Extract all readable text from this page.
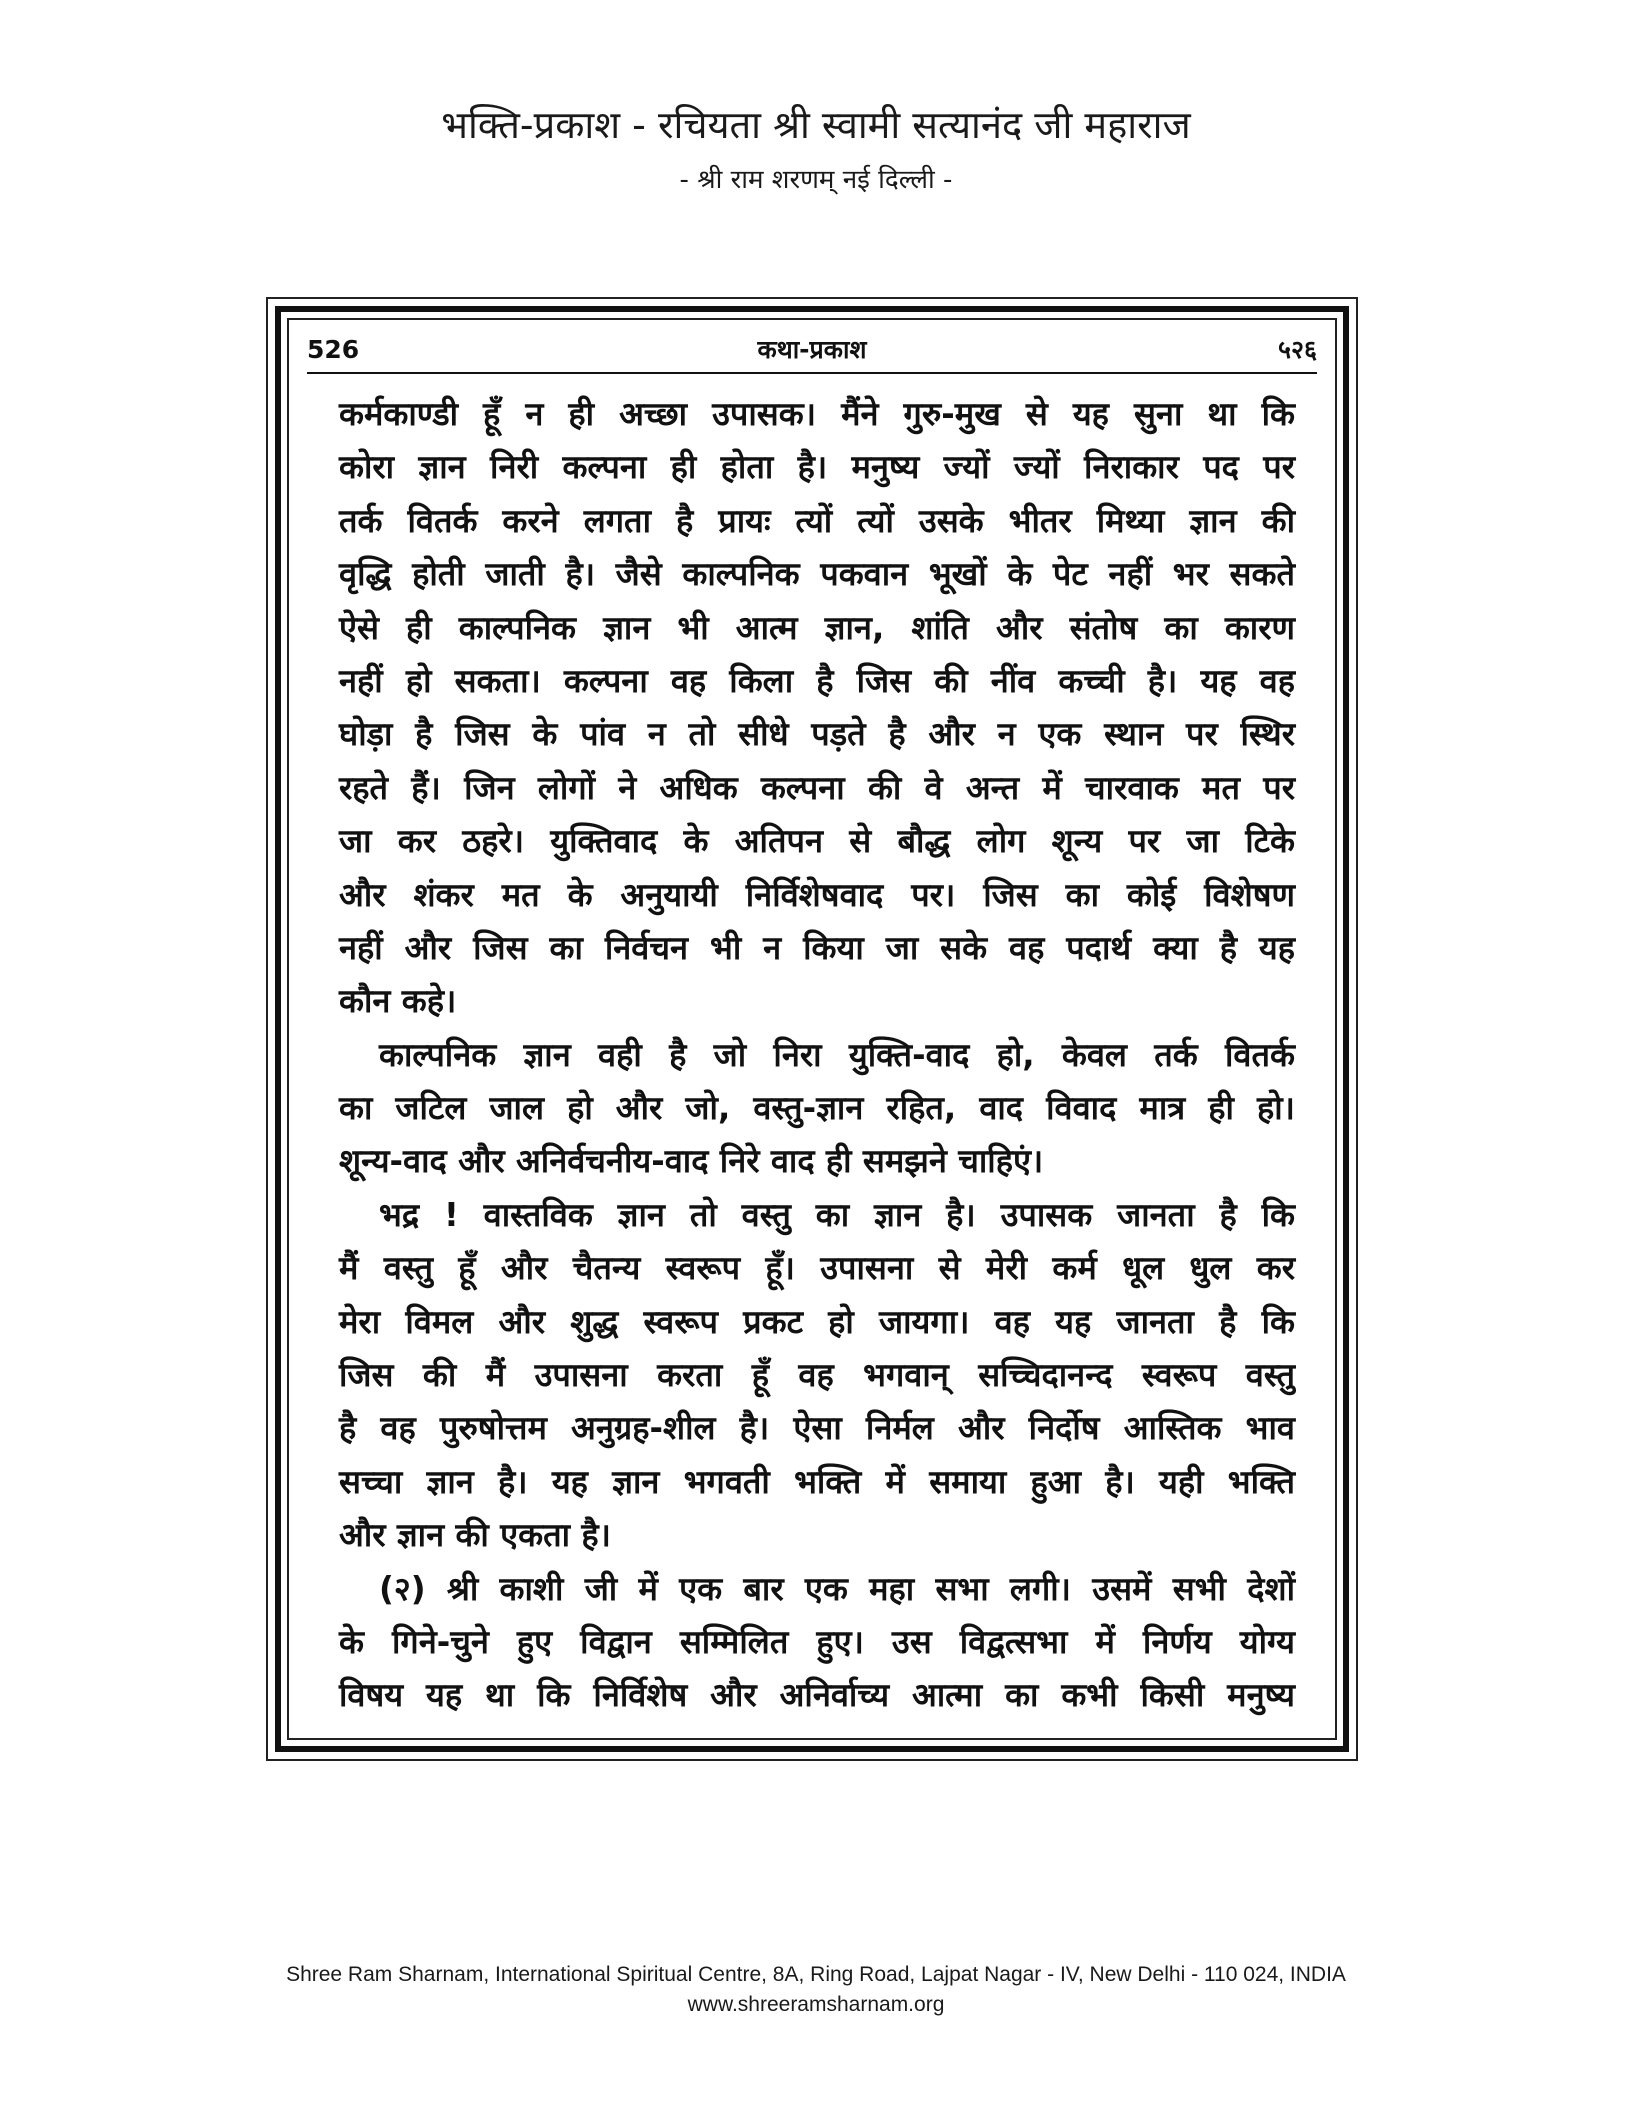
भक्ति-प्रकाश - रचियता श्री स्वामी सत्यानंद जी महाराज
- श्री राम शरणम् नई दिल्ली -
526	कथा-प्रकाश	५२६
कर्मकाण्डी हूँ न ही अच्छा उपासक। मैंने गुरु-मुख से यह सुना था कि
कोरा ज्ञान निरी कल्पना ही होता है। मनुष्य ज्यों ज्यों निराकार पद पर
तर्क वितर्क करने लगता है प्रायः त्यों त्यों उसके भीतर मिथ्या ज्ञान की
वृद्धि होती जाती है। जैसे काल्पनिक पकवान भूखों के पेट नहीं भर सकते
ऐसे ही काल्पनिक ज्ञान भी आत्म ज्ञान, शांति और संतोष का कारण
नहीं हो सकता। कल्पना वह किला है जिस की नींव कच्ची है। यह वह
घोड़ा है जिस के पांव न तो सीधे पड़ते है और न एक स्थान पर स्थिर
रहते हैं। जिन लोगों ने अधिक कल्पना की वे अन्त में चारवाक मत पर
जा कर ठहरे। युक्तिवाद के अतिपन से बौद्ध लोग शून्य पर जा टिके
और शंकर मत के अनुयायी निर्विशेषवाद पर। जिस का कोई विशेषण
नहीं और जिस का निर्वचन भी न किया जा सके वह पदार्थ क्या है यह
कौन कहे।
काल्पनिक ज्ञान वही है जो निरा युक्ति-वाद हो, केवल तर्क वितर्क
का जटिल जाल हो और जो, वस्तु-ज्ञान रहित, वाद विवाद मात्र ही हो।
शून्य-वाद और अनिर्वचनीय-वाद निरे वाद ही समझने चाहिएं।
भद्र ! वास्तविक ज्ञान तो वस्तु का ज्ञान है। उपासक जानता है कि
मैं वस्तु हूँ और चैतन्य स्वरूप हूँ। उपासना से मेरी कर्म धूल धुल कर
मेरा विमल और शुद्ध स्वरूप प्रकट हो जायगा। वह यह जानता है कि
जिस की मैं उपासना करता हूँ वह भगवान् सच्चिदानन्द स्वरूप वस्तु
है वह पुरुषोत्तम अनुग्रह-शील है। ऐसा निर्मल और निर्दोष आस्तिक भाव
सच्चा ज्ञान है। यह ज्ञान भगवती भक्ति में समाया हुआ है। यही भक्ति
और ज्ञान की एकता है।
(२) श्री काशी जी में एक बार एक महा सभा लगी। उसमें सभी देशों
के गिने-चुने हुए विद्वान सम्मिलित हुए। उस विद्वत्सभा में निर्णय योग्य
विषय यह था कि निर्विशेष और अनिर्वाच्य आत्मा का कभी किसी मनुष्य
Shree Ram Sharnam, International Spiritual Centre, 8A, Ring Road, Lajpat Nagar - IV, New Delhi - 110 024, INDIA
www.shreeramsharnam.org
